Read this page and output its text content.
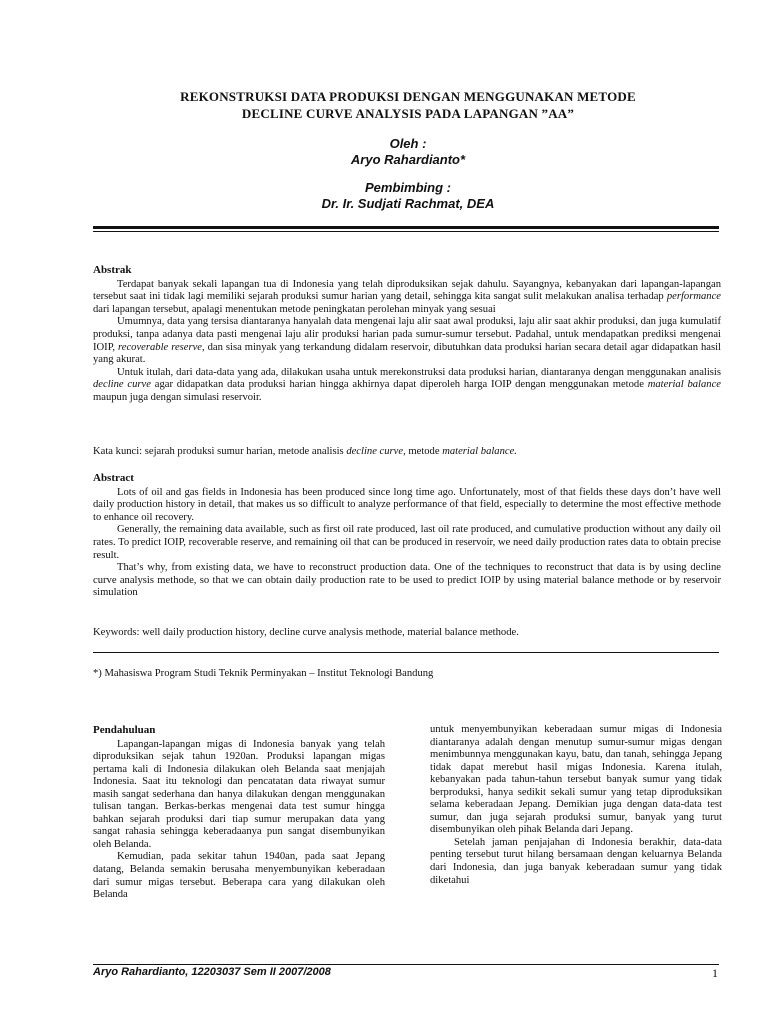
REKONSTRUKSI DATA PRODUKSI DENGAN MENGGUNAKAN METODE
DECLINE CURVE ANALYSIS PADA LAPANGAN ”AA”
Oleh :
Aryo Rahardianto*
Pembimbing :
Dr. Ir. Sudjati Rachmat, DEA
Abstrak

Terdapat banyak sekali lapangan tua di Indonesia yang telah diproduksikan sejak dahulu. Sayangnya, kebanyakan dari lapangan-lapangan tersebut saat ini tidak lagi memiliki sejarah produksi sumur harian yang detail, sehingga kita sangat sulit melakukan analisa terhadap performance dari lapangan tersebut, apalagi menentukan metode peningkatan perolehan minyak yang sesuai

Umumnya, data yang tersisa diantaranya hanyalah data mengenai laju alir saat awal produksi, laju alir saat akhir produksi, dan juga kumulatif produksi, tanpa adanya data pasti mengenai laju alir produksi harian pada sumur-sumur tersebut. Padahal, untuk mendapatkan prediksi mengenai IOIP, recoverable reserve, dan sisa minyak yang terkandung didalam reservoir, dibutuhkan data produksi harian secara detail agar didapatkan hasil yang akurat.

Untuk itulah, dari data-data yang ada, dilakukan usaha untuk merekonstruksi data produksi harian, diantaranya dengan menggunakan analisis decline curve agar didapatkan data produksi harian hingga akhirnya dapat diperoleh harga IOIP dengan menggunakan metode material balance maupun juga dengan simulasi reservoir.

Kata kunci: sejarah produksi sumur harian, metode analisis decline curve, metode material balance.
Abstract

Lots of oil and gas fields in Indonesia has been produced since long time ago. Unfortunately, most of that fields these days don’t have well daily production history in detail, that makes us so difficult to analyze performance of that field, especially to determine the most effective methode to enhance oil recovery.

Generally, the remaining data available, such as first oil rate produced, last oil rate produced, and cumulative production without any daily oil rates. To predict IOIP, recoverable reserve, and remaining oil that can be produced in reservoir, we need daily production rates data to obtain precise result.

That’s why, from existing data, we have to reconstruct production data. One of the techniques to reconstruct that data is by using decline curve analysis methode, so that we can obtain daily production rate to be used to predict IOIP by using material balance methode or by reservoir simulation

Keywords: well daily production history, decline curve analysis methode, material balance methode.
*) Mahasiswa Program Studi Teknik Perminyakan – Institut Teknologi Bandung
Pendahuluan

Lapangan-lapangan migas di Indonesia banyak yang telah diproduksikan sejak tahun 1920an. Produksi lapangan migas pertama kali di Indonesia dilakukan oleh Belanda saat menjajah Indonesia. Saat itu teknologi dan pencatatan data riwayat sumur masih sangat sederhana dan hanya dilakukan dengan menggunakan tulisan tangan. Berkas-berkas mengenai data test sumur hingga bahkan sejarah produksi dari tiap sumur merupakan data yang sangat rahasia sehingga keberadaanya pun sangat disembunyikan oleh Belanda.

Kemudian, pada sekitar tahun 1940an, pada saat Jepang datang, Belanda semakin berusaha menyembunyikan keberadaan dari sumur migas tersebut. Beberapa cara yang dilakukan oleh Belanda

untuk menyembunyikan keberadaan sumur migas di Indonesia diantaranya adalah dengan menutup sumur-sumur migas dengan menimbunnya menggunakan kayu, batu, dan tanah, sehingga Jepang tidak dapat merebut hasil migas Indonesia. Karena itulah, kebanyakan pada tahun-tahun tersebut banyak sumur yang tidak berproduksi, hanya sedikit sekali sumur yang tetap diproduksikan selama keberadaan Jepang. Demikian juga dengan data-data test sumur, dan juga sejarah produksi sumur, banyak yang turut disembunyikan oleh pihak Belanda dari Jepang.

Setelah jaman penjajahan di Indonesia berakhir, data-data penting tersebut turut hilang bersamaan dengan keluarnya Belanda dari Indonesia, dan juga banyak keberadaan sumur yang tidak diketahui

Aryo Rahardianto, 12203037 Sem II 2007/2008	1
